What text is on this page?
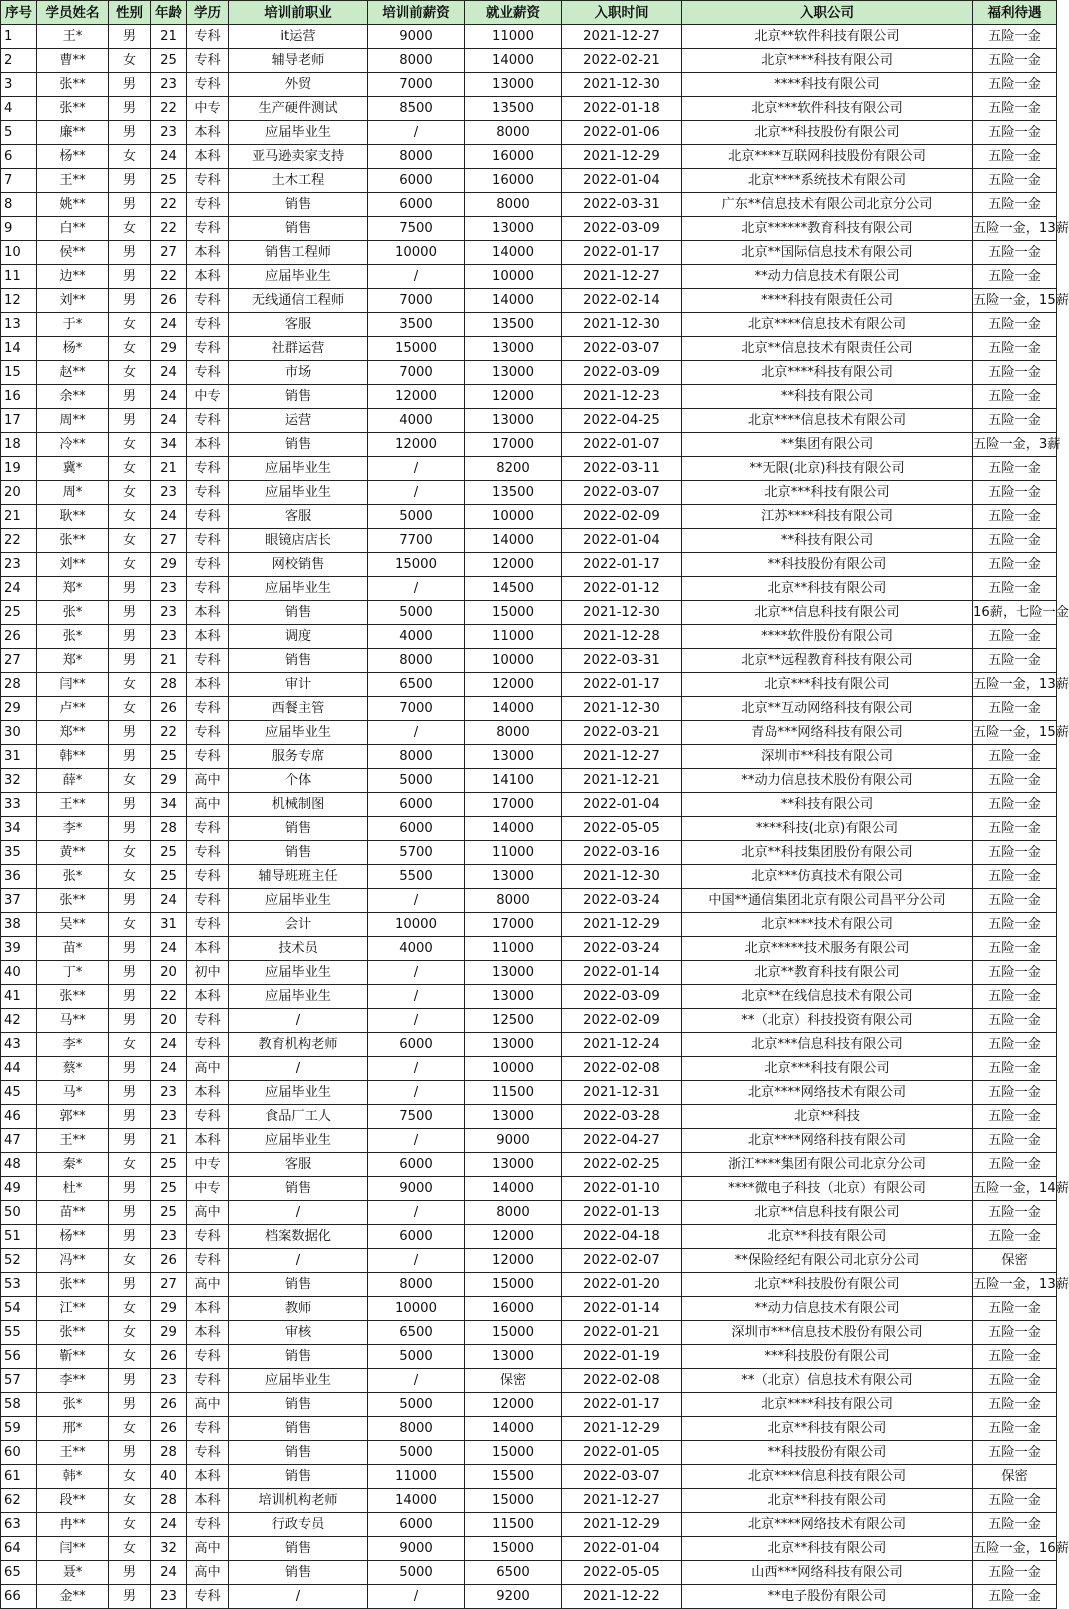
序号	学员姓名	性别	年龄	学历	培训前职业	培训前薪资	就业薪资	入职时间	入职公司	福利待遇
1	王*	男	21	专科	it运营	9000	11000	2021-12-27	北京**软件科技有限公司	五险一金
2	曹**	女	25	专科	辅导老师	8000	14000	2022-02-21	北京****科技有限公司	五险一金
3	张**	男	23	专科	外贸	7000	13000	2021-12-30	****科技有限公司	五险一金
4	张**	男	22	中专	生产硬件测试	8500	13500	2022-01-18	北京***软件科技有限公司	五险一金
5	廉**	男	23	本科	应届毕业生	/	8000	2022-01-06	北京**科技股份有限公司	五险一金
6	杨**	女	24	本科	亚马逊卖家支持	8000	16000	2021-12-29	北京****互联网科技股份有限公司	五险一金
7	王**	男	25	专科	土木工程	6000	16000	2022-01-04	北京****系统技术有限公司	五险一金
8	姚**	男	22	专科	销售	6000	8000	2022-03-31	广东**信息技术有限公司北京分公司	五险一金
9	白**	女	22	专科	销售	7500	13000	2022-03-09	北京******教育科技有限公司	五险一金，13薪
10	侯**	男	27	本科	销售工程师	10000	14000	2022-01-17	北京**国际信息技术有限公司	五险一金
11	边**	男	22	本科	应届毕业生	/	10000	2021-12-27	**动力信息技术有限公司	五险一金
12	刘**	男	26	专科	无线通信工程师	7000	14000	2022-02-14	****科技有限责任公司	五险一金，15薪
13	于*	女	24	专科	客服	3500	13500	2021-12-30	北京****信息技术有限公司	五险一金
14	杨*	女	29	专科	社群运营	15000	13000	2022-03-07	北京**信息技术有限责任公司	五险一金
15	赵**	女	24	专科	市场	7000	13000	2022-03-09	北京****科技有限公司	五险一金
16	余**	男	24	中专	销售	12000	12000	2021-12-23	**科技有限公司	五险一金
17	周**	男	24	专科	运营	4000	13000	2022-04-25	北京****信息技术有限公司	五险一金
18	冷**	女	34	本科	销售	12000	17000	2022-01-07	**集团有限公司	五险一金，3薪
19	冀*	女	21	专科	应届毕业生	/	8200	2022-03-11	**无限(北京)科技有限公司	五险一金
20	周*	女	23	专科	应届毕业生	/	13500	2022-03-07	北京***科技有限公司	五险一金
21	耿**	女	24	专科	客服	5000	10000	2022-02-09	江苏****科技有限公司	五险一金
22	张**	女	27	专科	眼镜店店长	7700	14000	2022-01-04	**科技有限公司	五险一金
23	刘**	女	29	专科	网校销售	15000	12000	2022-01-17	**科技股份有限公司	五险一金
24	郑*	男	23	专科	应届毕业生	/	14500	2022-01-12	北京**科技有限公司	五险一金
25	张*	男	23	本科	销售	5000	15000	2021-12-30	北京**信息科技有限公司	16薪，七险一金
26	张*	男	23	本科	调度	4000	11000	2021-12-28	****软件股份有限公司	五险一金
27	郑*	男	21	专科	销售	8000	10000	2022-03-31	北京**远程教育科技有限公司	五险一金
28	闫**	女	28	本科	审计	6500	12000	2022-01-17	北京***科技有限公司	五险一金，13薪
29	卢**	女	26	专科	西餐主管	7000	14000	2021-12-30	北京**互动网络科技有限公司	五险一金
30	郑**	男	22	专科	应届毕业生	/	8000	2022-03-21	青岛***网络科技有限公司	五险一金，15薪
31	韩**	男	25	专科	服务专席	8000	13000	2021-12-27	深圳市**科技有限公司	五险一金
32	薛*	女	29	高中	个体	5000	14100	2021-12-21	**动力信息技术股份有限公司	五险一金
33	王**	男	34	高中	机械制图	6000	17000	2022-01-04	**科技有限公司	五险一金
34	李*	男	28	专科	销售	6000	14000	2022-05-05	****科技(北京)有限公司	五险一金
35	黄**	女	25	专科	销售	5700	11000	2022-03-16	北京**科技集团股份有限公司	五险一金
36	张*	女	25	专科	辅导班班主任	5500	13000	2021-12-30	北京***仿真技术有限公司	五险一金
37	张**	男	24	专科	应届毕业生	/	8000	2022-03-24	中国**通信集团北京有限公司昌平分公司	五险一金
38	吴**	女	31	专科	会计	10000	17000	2021-12-29	北京****技术有限公司	五险一金
39	苗*	男	24	本科	技术员	4000	11000	2022-03-24	北京*****技术服务有限公司	五险一金
40	丁*	男	20	初中	应届毕业生	/	13000	2022-01-14	北京**教育科技有限公司	五险一金
41	张**	男	22	本科	应届毕业生	/	13000	2022-03-09	北京**在线信息技术有限公司	五险一金
42	马**	男	20	专科	/	/	12500	2022-02-09	**（北京）科技投资有限公司	五险一金
43	李*	女	24	专科	教育机构老师	6000	13000	2021-12-24	北京***信息科技有限公司	五险一金
44	蔡*	男	24	高中	/	/	10000	2022-02-08	北京***科技有限公司	五险一金
45	马*	男	23	本科	应届毕业生	/	11500	2021-12-31	北京****网络技术有限公司	五险一金
46	郭**	男	23	专科	食品厂工人	7500	13000	2022-03-28	北京**科技	五险一金
47	王**	男	21	本科	应届毕业生	/	9000	2022-04-27	北京****网络科技有限公司	五险一金
48	秦*	女	25	中专	客服	6000	13000	2022-02-25	浙江****集团有限公司北京分公司	五险一金
49	杜*	男	25	中专	销售	9000	14000	2022-01-10	****微电子科技（北京）有限公司	五险一金，14薪
50	苗**	男	25	高中	/	/	8000	2022-01-13	北京**信息科技有限公司	五险一金
51	杨**	男	23	专科	档案数据化	6000	12000	2022-04-18	北京**科技有限公司	五险一金
52	冯**	女	26	专科	/	/	12000	2022-02-07	**保险经纪有限公司北京分公司	保密
53	张**	男	27	高中	销售	8000	15000	2022-01-20	北京**科技股份有限公司	五险一金，13薪
54	江**	女	29	本科	教师	10000	16000	2022-01-14	**动力信息技术有限公司	五险一金
55	张**	女	29	本科	审核	6500	15000	2022-01-21	深圳市***信息技术股份有限公司	五险一金
56	靳**	女	26	专科	销售	5000	13000	2022-01-19	***科技股份有限公司	五险一金
57	李**	男	23	专科	应届毕业生	/	保密	2022-02-08	**（北京）信息技术有限公司	五险一金
58	张*	男	26	高中	销售	5000	12000	2022-01-17	北京****科技有限公司	五险一金
59	邢*	女	26	专科	销售	8000	14000	2021-12-29	北京**科技有限公司	五险一金
60	王**	男	28	专科	销售	5000	15000	2022-01-05	**科技股份有限公司	五险一金
61	韩*	女	40	本科	销售	11000	15500	2022-03-07	北京****信息科技有限公司	保密
62	段**	女	28	本科	培训机构老师	14000	15000	2021-12-27	北京**科技有限公司	五险一金
63	冉**	女	24	专科	行政专员	6000	11500	2021-12-29	北京****网络技术有限公司	五险一金
64	闫**	女	32	高中	销售	9000	15000	2022-01-04	北京**科技有限公司	五险一金，16薪
65	聂*	男	24	高中	销售	5000	6500	2022-05-05	山西***网络科技有限公司	五险一金
66	金**	男	23	专科	/	/	9200	2021-12-22	**电子股份有限公司	五险一金
